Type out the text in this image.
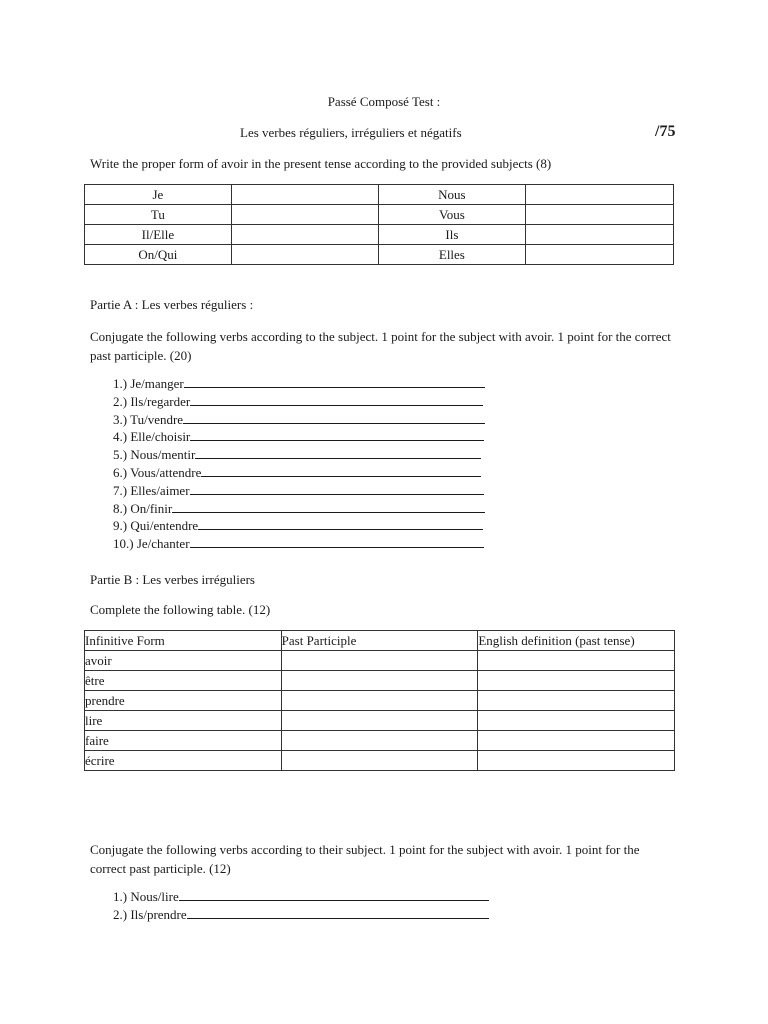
Passé Composé Test :
Les verbes réguliers, irréguliers et négatifs	/75
Write the proper form of avoir in the present tense according to the provided subjects (8)
Je		Nous	
Tu		Vous	
Il/Elle		Ils	
On/Qui		Elles	
Partie A : Les verbes réguliers :
Conjugate the following verbs according to the subject. 1 point for the subject with avoir. 1 point for the correct past participle. (20)
1.) Je/manger
2.) Ils/regarder
3.) Tu/vendre
4.) Elle/choisir
5.) Nous/mentir
6.) Vous/attendre
7.) Elles/aimer
8.) On/finir
9.) Qui/entendre
10.) Je/chanter
Partie B : Les verbes irréguliers
Complete the following table. (12)
Infinitive Form	Past Participle	English definition (past tense)
avoir		
être		
prendre		
lire		
faire		
écrire		
Conjugate the following verbs according to their subject. 1 point for the subject with avoir. 1 point for the correct past participle. (12)
1.) Nous/lire
2.) Ils/prendre
